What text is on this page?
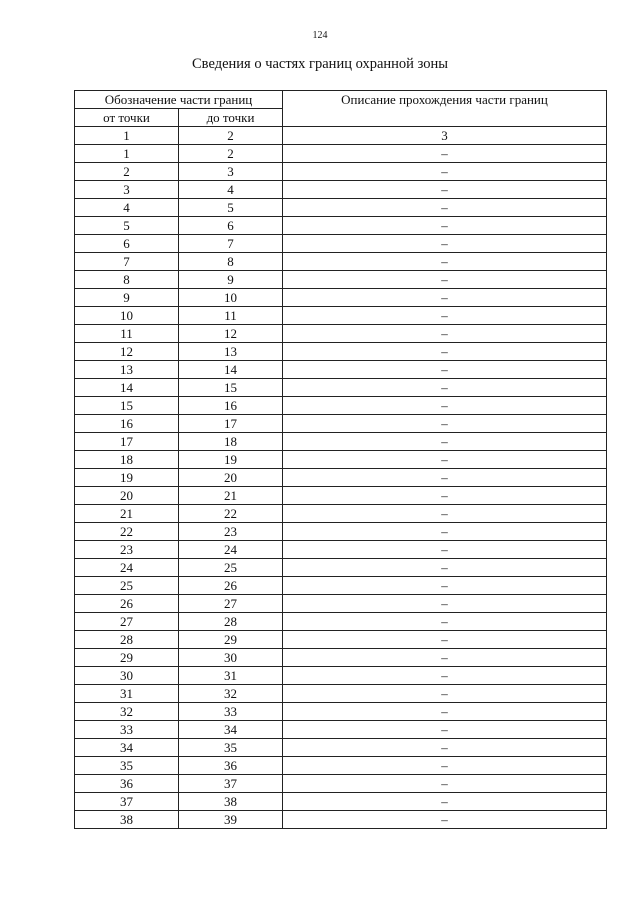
124
Сведения о частях границ охранной зоны
Обозначение части границ		Описание прохождения части границ
от точки	до точки	
1	2	3
1	2	–
2	3	–
3	4	–
4	5	–
5	6	–
6	7	–
7	8	–
8	9	–
9	10	–
10	11	–
11	12	–
12	13	–
13	14	–
14	15	–
15	16	–
16	17	–
17	18	–
18	19	–
19	20	–
20	21	–
21	22	–
22	23	–
23	24	–
24	25	–
25	26	–
26	27	–
27	28	–
28	29	–
29	30	–
30	31	–
31	32	–
32	33	–
33	34	–
34	35	–
35	36	–
36	37	–
37	38	–
38	39	–
